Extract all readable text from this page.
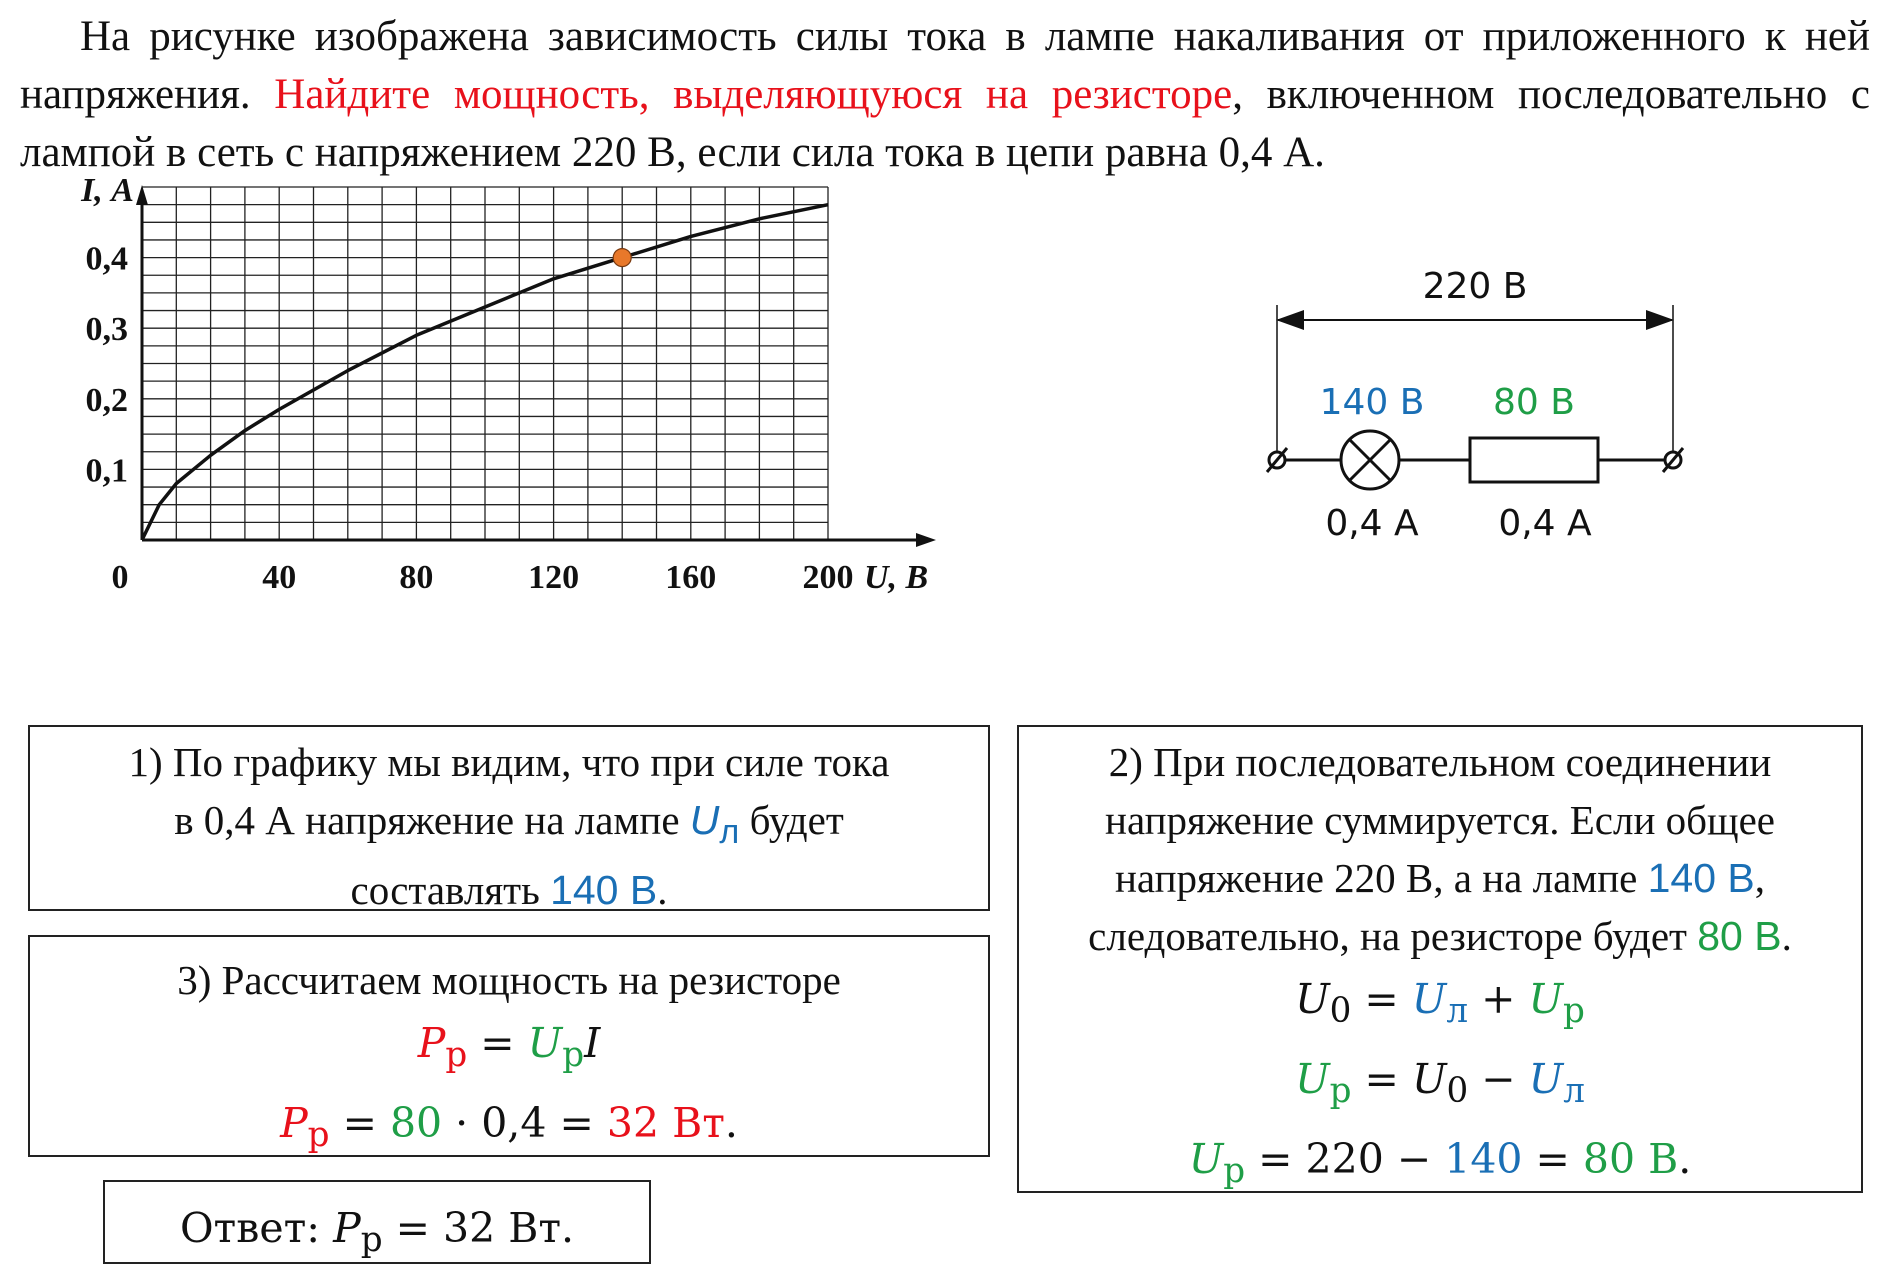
На рисунке изображена зависимость силы тока в лампе накаливания от приложенного к ней напряжения. Найдите мощность, выделяющуюся на резисторе, включенном последовательно с лампой в сеть с напряжением 220 В, если сила тока в цепи равна 0,4 А.

0	40	80	120	160	200
0,1
0,2
0,3
0,4
I, А
U, В
220 В
140 В 80 В
0,4 А 0,4 А

1) По графику мы видим, что при силе тока

в 0,4 А напряжение на лампе $U_л$ будет

составлять 140 В.

2) При последовательном соединении

напряжение суммируется. Если общее

напряжение 220 В, а на лампе 140 В,

следовательно, на резисторе будет 80 В.

$U_0 = U_л + U_р$

$U_р = U_0 - U_л$

$U_р = 220 - 140 = 80$ В.

3) Рассчитаем мощность на резисторе

$P_р = U_рI$

$P_р = 80 \cdot 0,4 = 32$ Вт.

Ответ: $P_р = 32$ Вт.
